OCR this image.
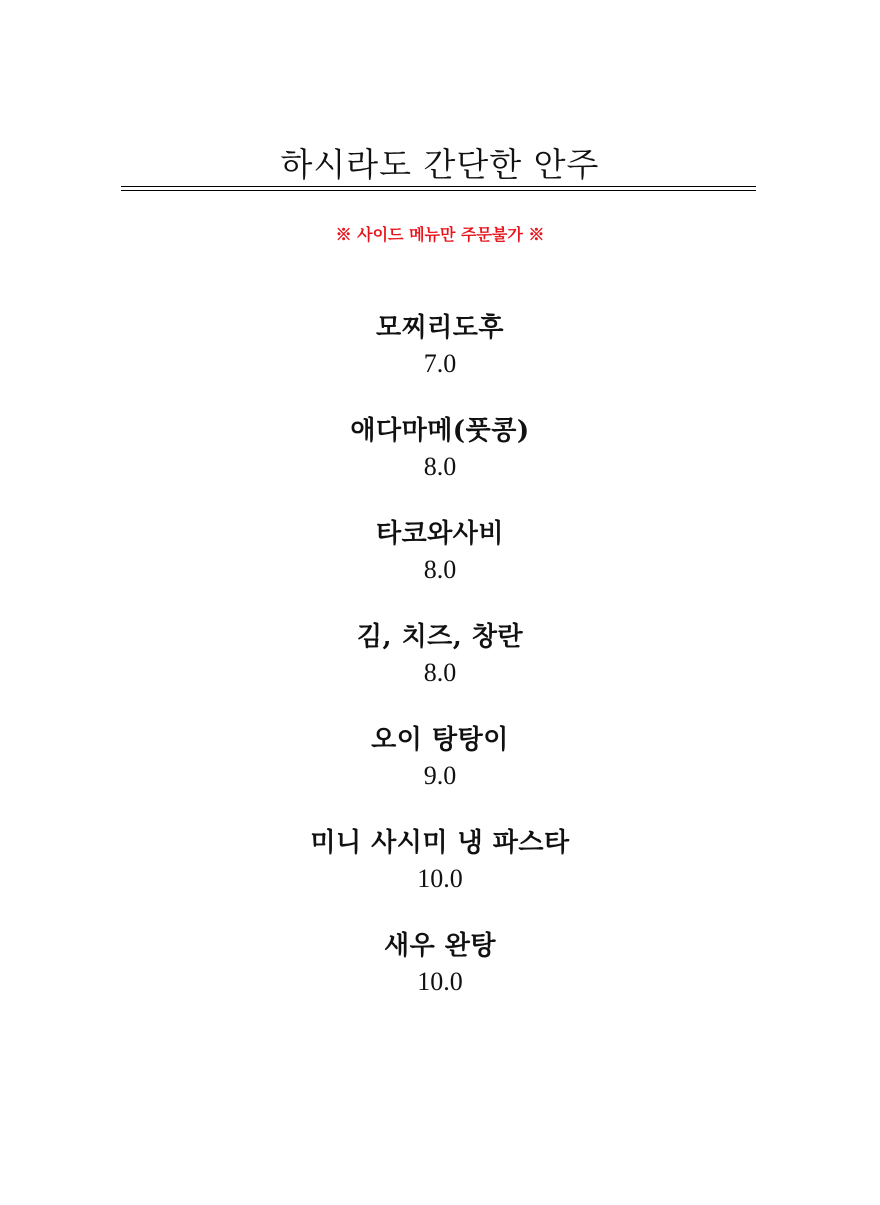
하시라도 간단한 안주
※ 사이드 메뉴만 주문불가 ※
모찌리도후
7.0
애다마메(풋콩)
8.0
타코와사비
8.0
김, 치즈, 창란
8.0
오이 탕탕이
9.0
미니 사시미 냉 파스타
10.0
새우 완탕
10.0
